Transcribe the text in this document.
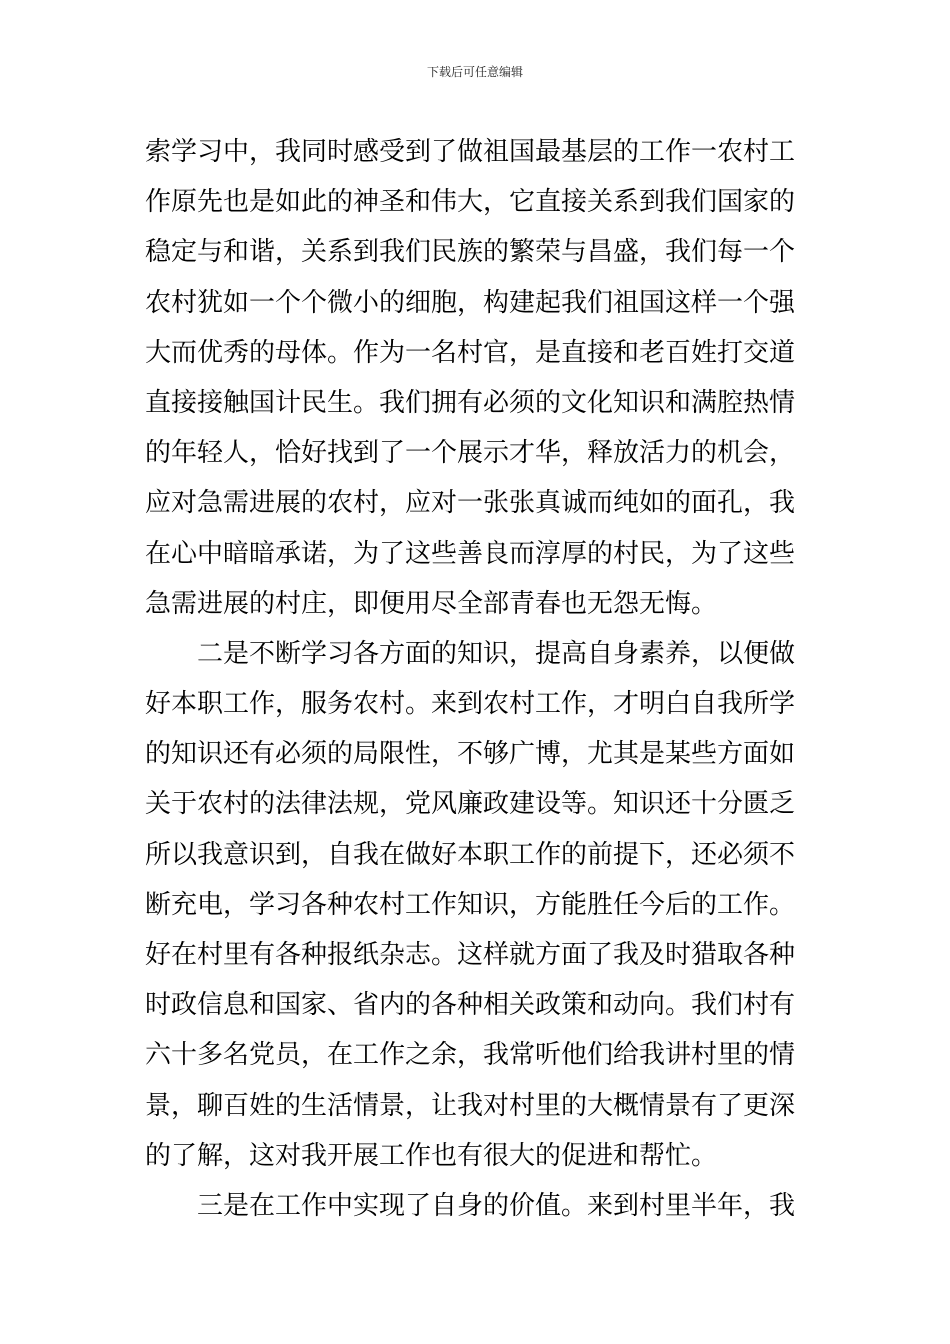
下载后可任意编辑
索学习中，我同时感受到了做祖国最基层的工作一农村工
作原先也是如此的神圣和伟大，它直接关系到我们国家的
稳定与和谐，关系到我们民族的繁荣与昌盛，我们每一个
农村犹如一个个微小的细胞，构建起我们祖国这样一个强
大而优秀的母体。作为一名村官，是直接和老百姓打交道
直接接触国计民生。我们拥有必须的文化知识和满腔热情
的年轻人，恰好找到了一个展示才华，释放活力的机会，
应对急需进展的农村，应对一张张真诚而纯如的面孔，我
在心中暗暗承诺，为了这些善良而淳厚的村民，为了这些
急需进展的村庄，即便用尽全部青春也无怨无悔。
二是不断学习各方面的知识，提高自身素养，以便做
好本职工作，服务农村。来到农村工作，才明白自我所学
的知识还有必须的局限性，不够广博，尤其是某些方面如
关于农村的法律法规，党风廉政建设等。知识还十分匮乏
所以我意识到，自我在做好本职工作的前提下，还必须不
断充电，学习各种农村工作知识，方能胜任今后的工作。
好在村里有各种报纸杂志。这样就方面了我及时猎取各种
时政信息和国家、省内的各种相关政策和动向。我们村有
六十多名党员，在工作之余，我常听他们给我讲村里的情
景，聊百姓的生活情景，让我对村里的大概情景有了更深
的了解，这对我开展工作也有很大的促进和帮忙。
三是在工作中实现了自身的价值。来到村里半年，我
